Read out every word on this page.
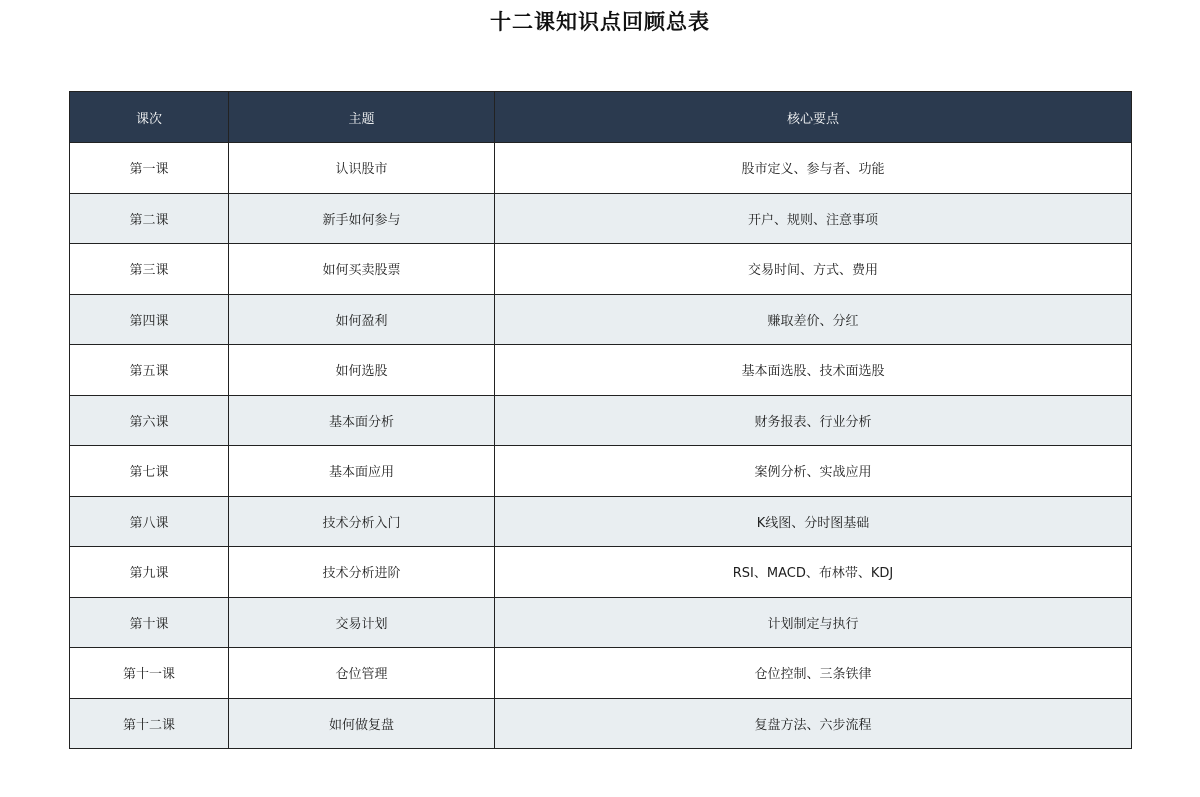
十二课知识点回顾总表
课次	主题	核心要点
第一课	认识股市	股市定义、参与者、功能
第二课	新手如何参与	开户、规则、注意事项
第三课	如何买卖股票	交易时间、方式、费用
第四课	如何盈利	赚取差价、分红
第五课	如何选股	基本面选股、技术面选股
第六课	基本面分析	财务报表、行业分析
第七课	基本面应用	案例分析、实战应用
第八课	技术分析入门	K线图、分时图基础
第九课	技术分析进阶	RSI、MACD、布林带、KDJ
第十课	交易计划	计划制定与执行
第十一课	仓位管理	仓位控制、三条铁律
第十二课	如何做复盘	复盘方法、六步流程
